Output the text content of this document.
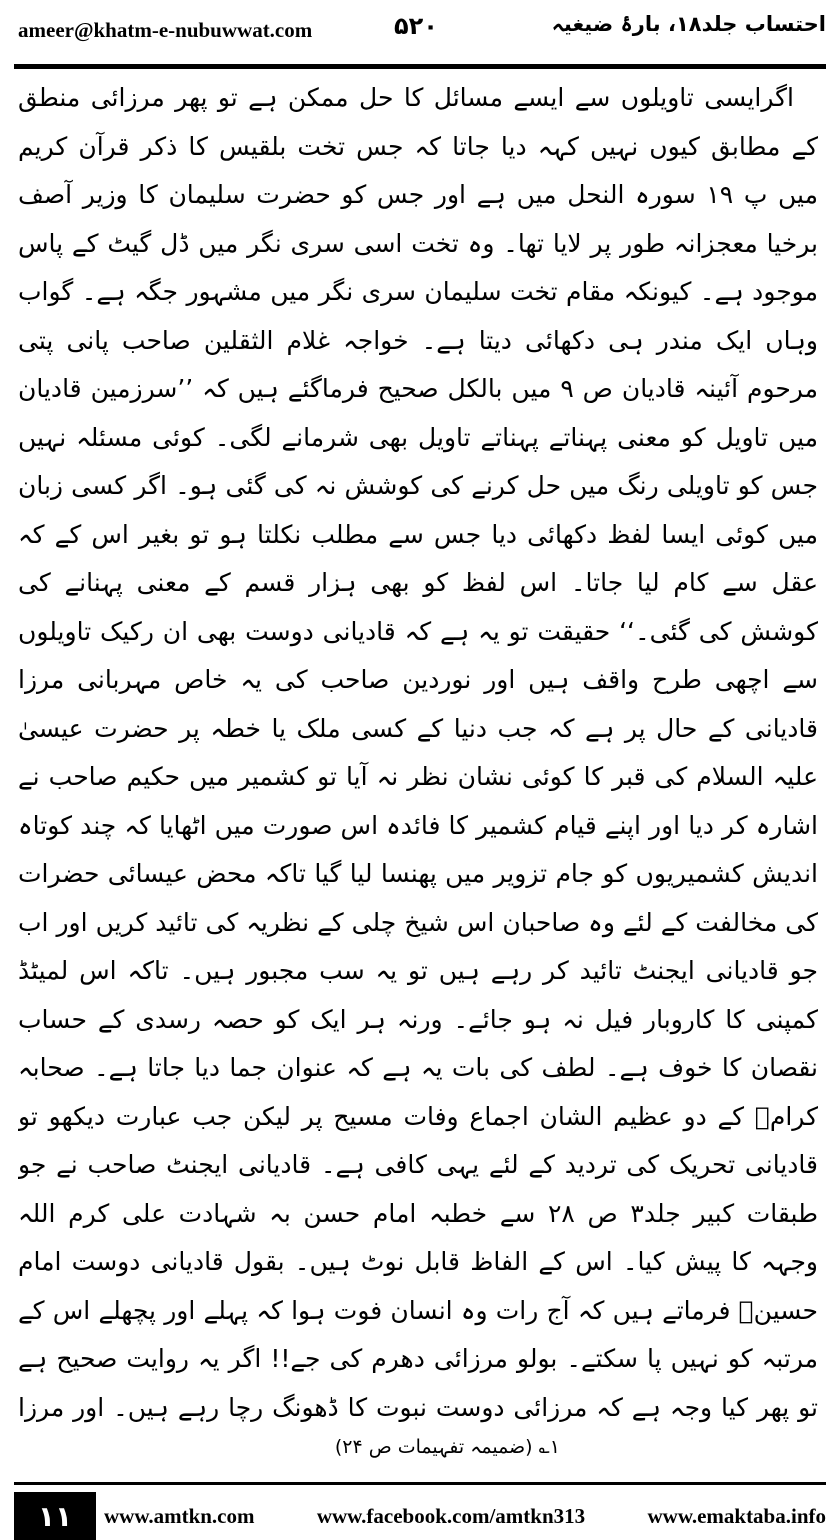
ameer@khatm-e-nubuwwat.com	۵۲۰	احتساب جلد۱۸، بارۂ ضیغیہ

اگرایسی تاویلوں سے ایسے مسائل کا حل ممکن ہے تو پھر مرزائی منطق کے مطابق کیوں نہیں کہہ دیا جاتا کہ جس تخت بلقیس کا ذکر قرآن کریم میں پ ۱۹ سورہ النحل میں ہے اور جس کو حضرت سلیمان کا وزیر آصف برخیا معجزانہ طور پر لایا تھا۔ وہ تخت اسی سری نگر میں ڈل گیٹ کے پاس موجود ہے۔ کیونکہ مقام تخت سلیمان سری نگر میں مشہور جگہ ہے۔ گواب وہاں ایک مندر ہی دکھائی دیتا ہے۔ خواجہ غلام الثقلین صاحب پانی پتی مرحوم آئینہ قادیان ص ۹ میں بالکل صحیح فرماگئے ہیں کہ ’’سرزمین قادیان میں تاویل کو معنی پہناتے پہناتے تاویل بھی شرمانے لگی۔ کوئی مسئلہ نہیں جس کو تاویلی رنگ میں حل کرنے کی کوشش نہ کی گئی ہو۔ اگر کسی زبان میں کوئی ایسا لفظ دکھائی دیا جس سے مطلب نکلتا ہو تو بغیر اس کے کہ عقل سے کام لیا جاتا۔ اس لفظ کو بھی ہزار قسم کے معنی پہنانے کی کوشش کی گئی۔‘‘ حقیقت تو یہ ہے کہ قادیانی دوست بھی ان رکیک تاویلوں سے اچھی طرح واقف ہیں اور نوردین صاحب کی یہ خاص مہربانی مرزا قادیانی کے حال پر ہے کہ جب دنیا کے کسی ملک یا خطہ پر حضرت عیسیٰ علیہ السلام کی قبر کا کوئی نشان نظر نہ آیا تو کشمیر میں حکیم صاحب نے اشارہ کر دیا اور اپنے قیام کشمیر کا فائدہ اس صورت میں اٹھایا کہ چند کوتاہ اندیش کشمیریوں کو جام تزویر میں پھنسا لیا گیا تاکہ محض عیسائی حضرات کی مخالفت کے لئے وہ صاحبان اس شیخ چلی کے نظریہ کی تائید کریں اور اب جو قادیانی ایجنٹ تائید کر رہے ہیں تو یہ سب مجبور ہیں۔ تاکہ اس لمیٹڈ کمپنی کا کاروبار فیل نہ ہو جائے۔ ورنہ ہر ایک کو حصہ رسدی کے حساب نقصان کا خوف ہے۔ لطف کی بات یہ ہے کہ عنوان جما دیا جاتا ہے۔ صحابہ کرامؓ کے دو عظیم الشان اجماع وفات مسیح پر لیکن جب عبارت دیکھو تو قادیانی تحریک کی تردید کے لئے یہی کافی ہے۔ قادیانی ایجنٹ صاحب نے جو طبقات کبیر جلد۳ ص ۲۸ سے خطبہ امام حسن بہ شہادت علی کرم اللہ وجہہ کا پیش کیا۔ اس کے الفاظ قابل نوٹ ہیں۔ بقول قادیانی دوست امام حسینؓ فرماتے ہیں کہ آج رات وہ انسان فوت ہوا کہ پہلے اور پچھلے اس کے مرتبہ کو نہیں پا سکتے۔ بولو مرزائی دھرم کی جے!! اگر یہ روایت صحیح ہے تو پھر کیا وجہ ہے کہ مرزائی دوست نبوت کا ڈھونگ رچا رہے ہیں۔ اور مرزا

۱؎ (ضمیمہ تفہیمات ص ۲۴)
۱۱	www.amtkn.com	www.facebook.com/amtkn313	www.emaktaba.info
